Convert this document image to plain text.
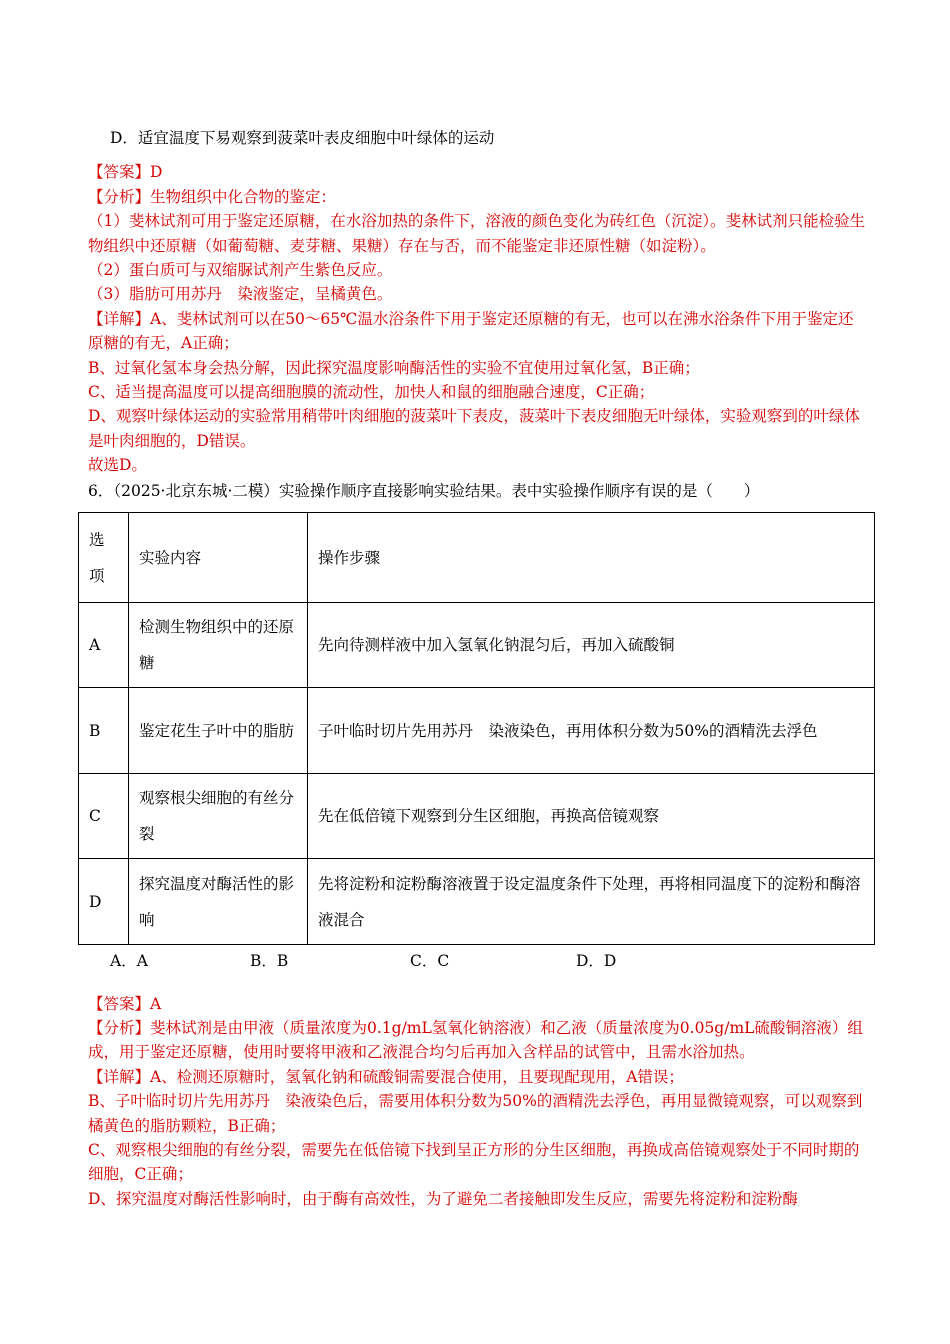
D．适宜温度下易观察到菠菜叶表皮细胞中叶绿体的运动
【答案】D
【分析】生物组织中化合物的鉴定：
（1）斐林试剂可用于鉴定还原糖，在水浴加热的条件下，溶液的颜色变化为砖红色（沉淀）。斐林试剂只能检验生物组织中还原糖（如葡萄糖、麦芽糖、果糖）存在与否，而不能鉴定非还原性糖（如淀粉）。
（2）蛋白质可与双缩脲试剂产生紫色反应。
（3）脂肪可用苏丹　染液鉴定，呈橘黄色。
【详解】A、斐林试剂可以在50～65℃温水浴条件下用于鉴定还原糖的有无，也可以在沸水浴条件下用于鉴定还原糖的有无，A正确；
B、过氧化氢本身会热分解，因此探究温度影响酶活性的实验不宜使用过氧化氢，B正确；
C、适当提高温度可以提高细胞膜的流动性，加快人和鼠的细胞融合速度，C正确；
D、观察叶绿体运动的实验常用稍带叶肉细胞的菠菜叶下表皮，菠菜叶下表皮细胞无叶绿体，实验观察到的叶绿体是叶肉细胞的，D错误。
故选D。
6．（2025·北京东城·二模）实验操作顺序直接影响实验结果。表中实验操作顺序有误的是（　　）
选项	实验内容	操作步骤
A	检测生物组织中的还原糖	先向待测样液中加入氢氧化钠混匀后，再加入硫酸铜
B	鉴定花生子叶中的脂肪	子叶临时切片先用苏丹　染液染色，再用体积分数为50%的酒精洗去浮色
C	观察根尖细胞的有丝分裂	先在低倍镜下观察到分生区细胞，再换高倍镜观察
D	探究温度对酶活性的影响	先将淀粉和淀粉酶溶液置于设定温度条件下处理，再将相同温度下的淀粉和酶溶液混合
A．A	B．B	C．C	D．D
【答案】A
【分析】斐林试剂是由甲液（质量浓度为0.1g/mL氢氧化钠溶液）和乙液（质量浓度为0.05g/mL硫酸铜溶液）组成，用于鉴定还原糖，使用时要将甲液和乙液混合均匀后再加入含样品的试管中，且需水浴加热。
【详解】A、检测还原糖时，氢氧化钠和硫酸铜需要混合使用，且要现配现用，A错误；
B、子叶临时切片先用苏丹　染液染色后，需要用体积分数为50%的酒精洗去浮色，再用显微镜观察，可以观察到橘黄色的脂肪颗粒，B正确；
C、观察根尖细胞的有丝分裂，需要先在低倍镜下找到呈正方形的分生区细胞，再换成高倍镜观察处于不同时期的细胞，C正确；
D、探究温度对酶活性影响时，由于酶有高效性，为了避免二者接触即发生反应，需要先将淀粉和淀粉酶
